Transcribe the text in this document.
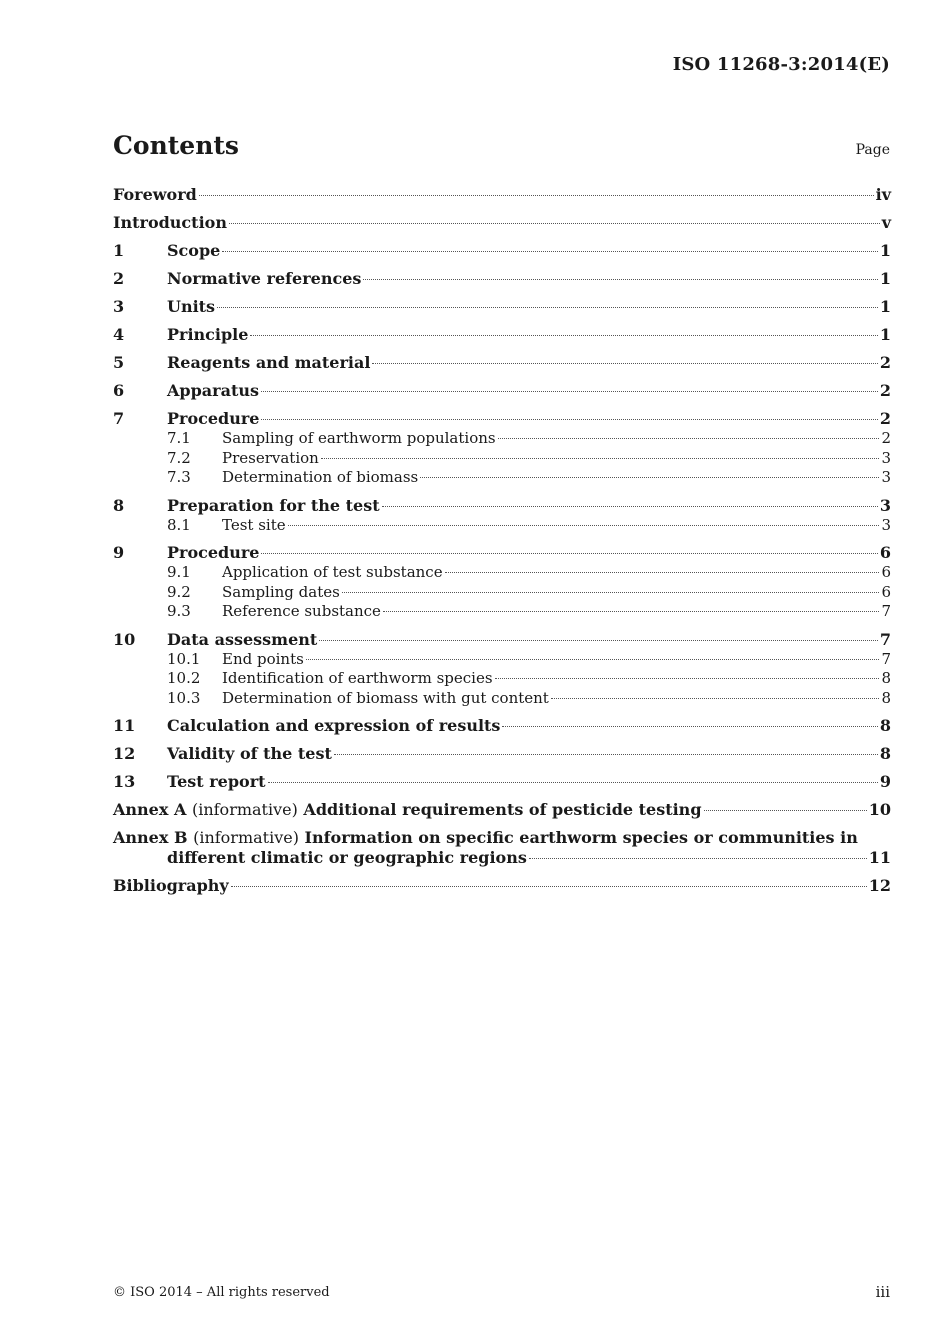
ISO 11268-3:2014(E)
Contents	Page
Foreword	iv
Introduction	v
1	Scope	1
2	Normative references	1
3	Units	1
4	Principle	1
5	Reagents and material	2
6	Apparatus	2
7	Procedure	2
7.1 Sampling of earthworm populations	2
7.2 Preservation	3
7.3 Determination of biomass	3
8	Preparation for the test	3
8.1 Test site	3
9	Procedure	6
9.1 Application of test substance	6
9.2 Sampling dates	6
9.3 Reference substance	7
10 Data assessment	7
10.1 End points	7
10.2 Identification of earthworm species	8
10.3 Determination of biomass with gut content	8
11 Calculation and expression of results	8
12 Validity of the test	8
13 Test report	9
Annex A (informative) Additional requirements of pesticide testing	10
Annex B (informative) Information on specific earthworm species or communities in
different climatic or geographic regions	11
Bibliography	12
© ISO 2014 – All rights reserved	iii
